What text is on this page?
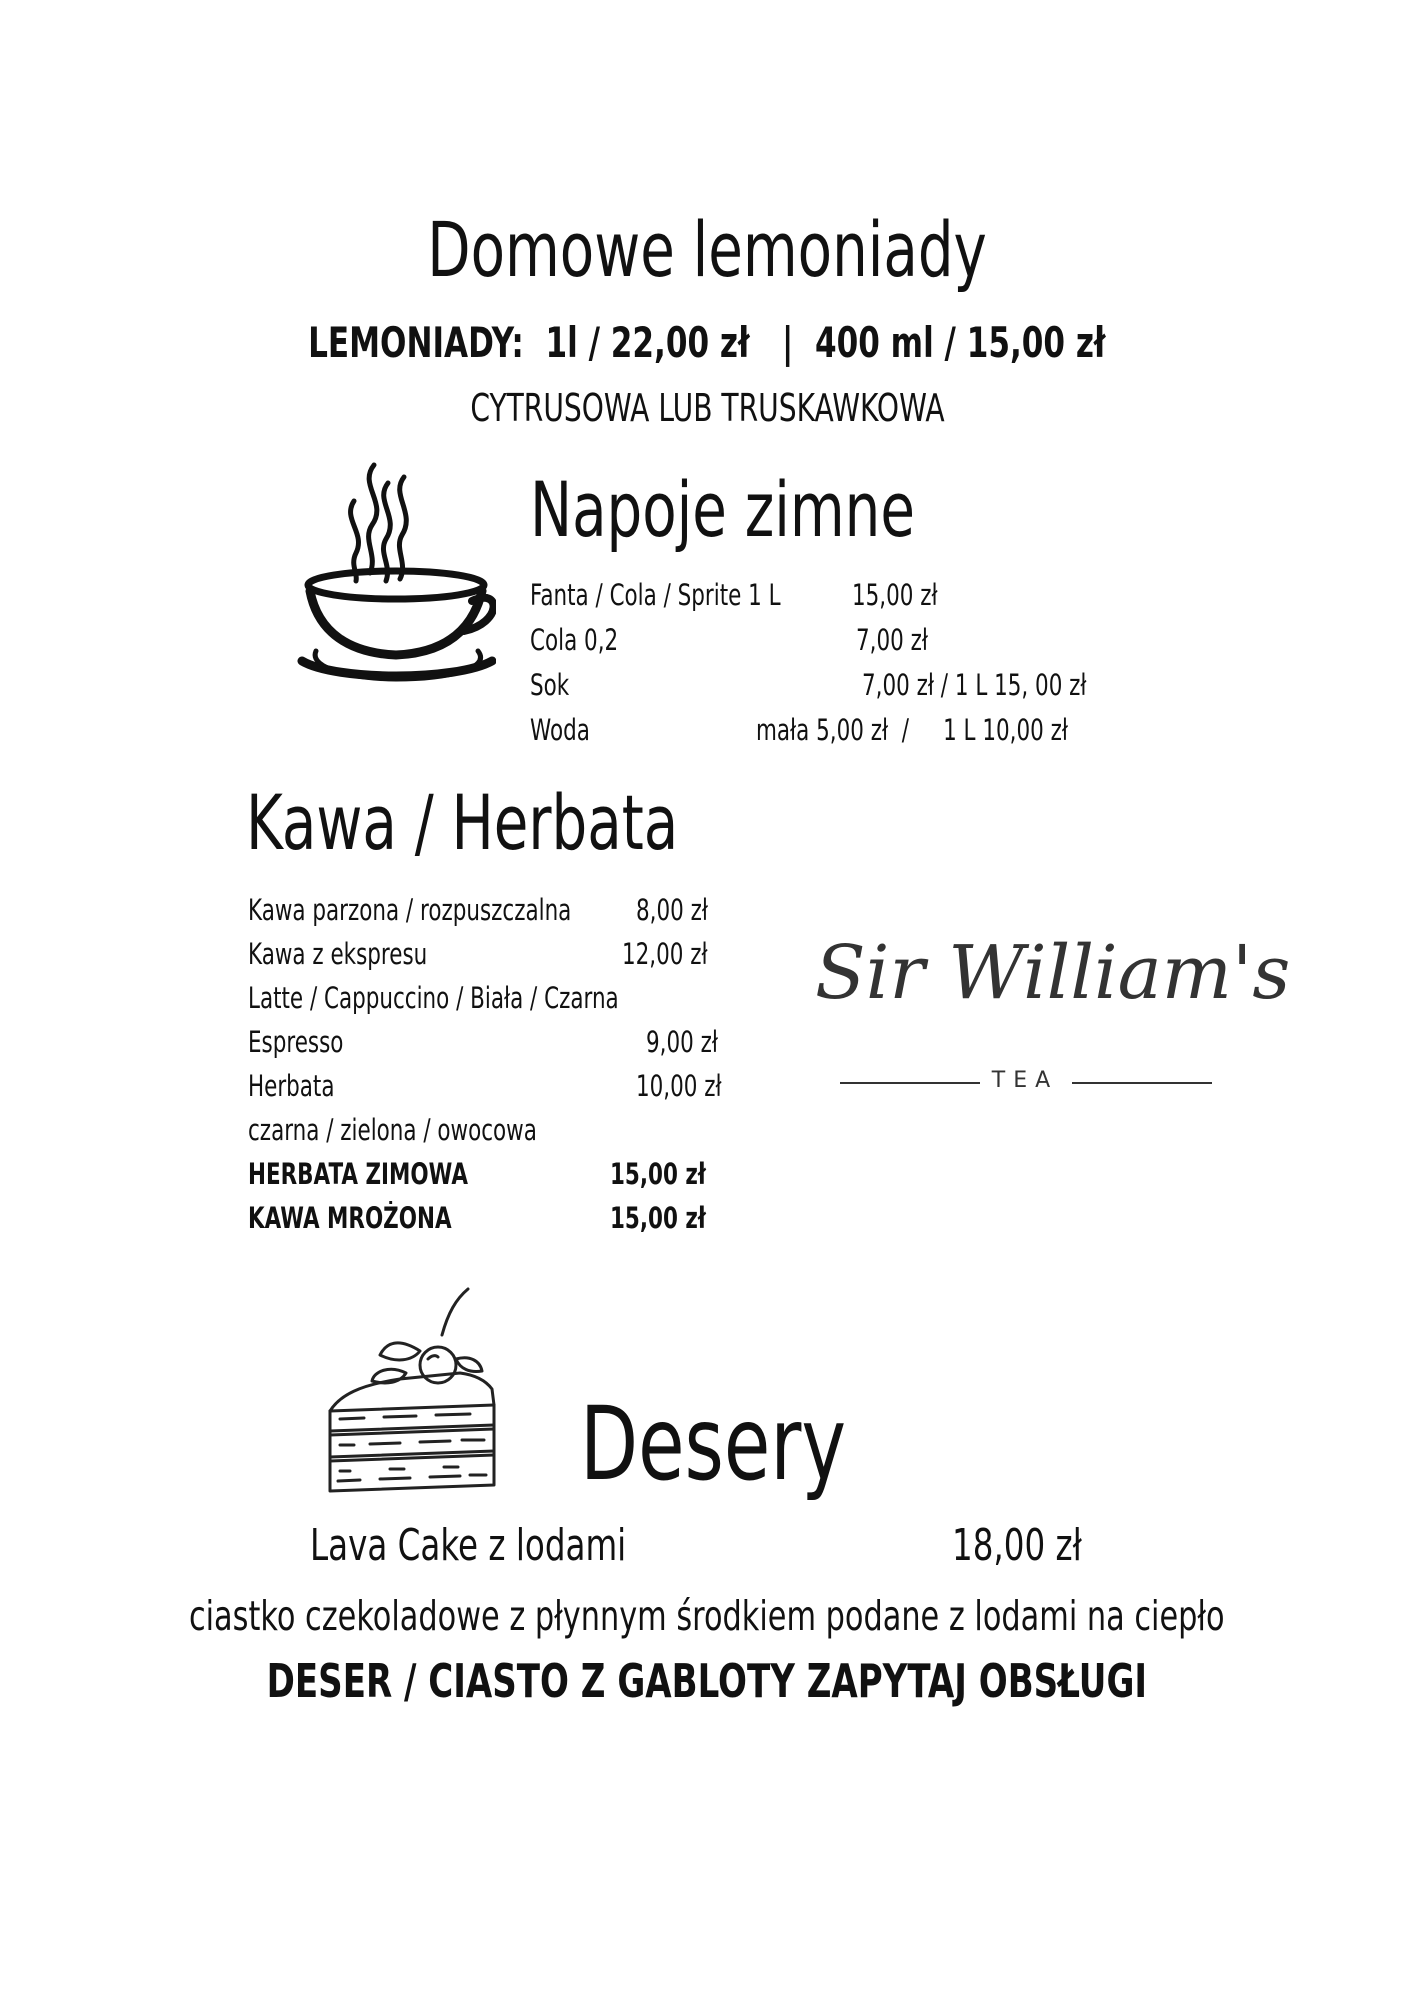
Domowe lemoniady
LEMONIADY:  1l / 22,00 zł   |  400 ml / 15,00 zł
CYTRUSOWA LUB TRUSKAWKOWA
Napoje zimne
Fanta / Cola / Sprite 1 L 15,00 zł
Cola 0,2	7,00 zł
Sok	7,00 zł / 1 L 15, 00 zł
Woda	mała 5,00 zł  /     1 L 10,00 zł
Kawa / Herbata
Kawa parzona / rozpuszczalna 8,00 zł
Kawa z ekspresu	12,00 zł
Latte / Cappuccino / Biała / Czarna
Espresso	9,00 zł
Herbata	10,00 zł
czarna / zielona / owocowa
HERBATA ZIMOWA	15,00 zł
KAWA MROŻONA	15,00 zł
Sir William's
TEA
Desery
Lava Cake z lodami	18,00 zł
ciastko czekoladowe z płynnym środkiem podane z lodami na ciepło
DESER / CIASTO Z GABLOTY ZAPYTAJ OBSŁUGI
